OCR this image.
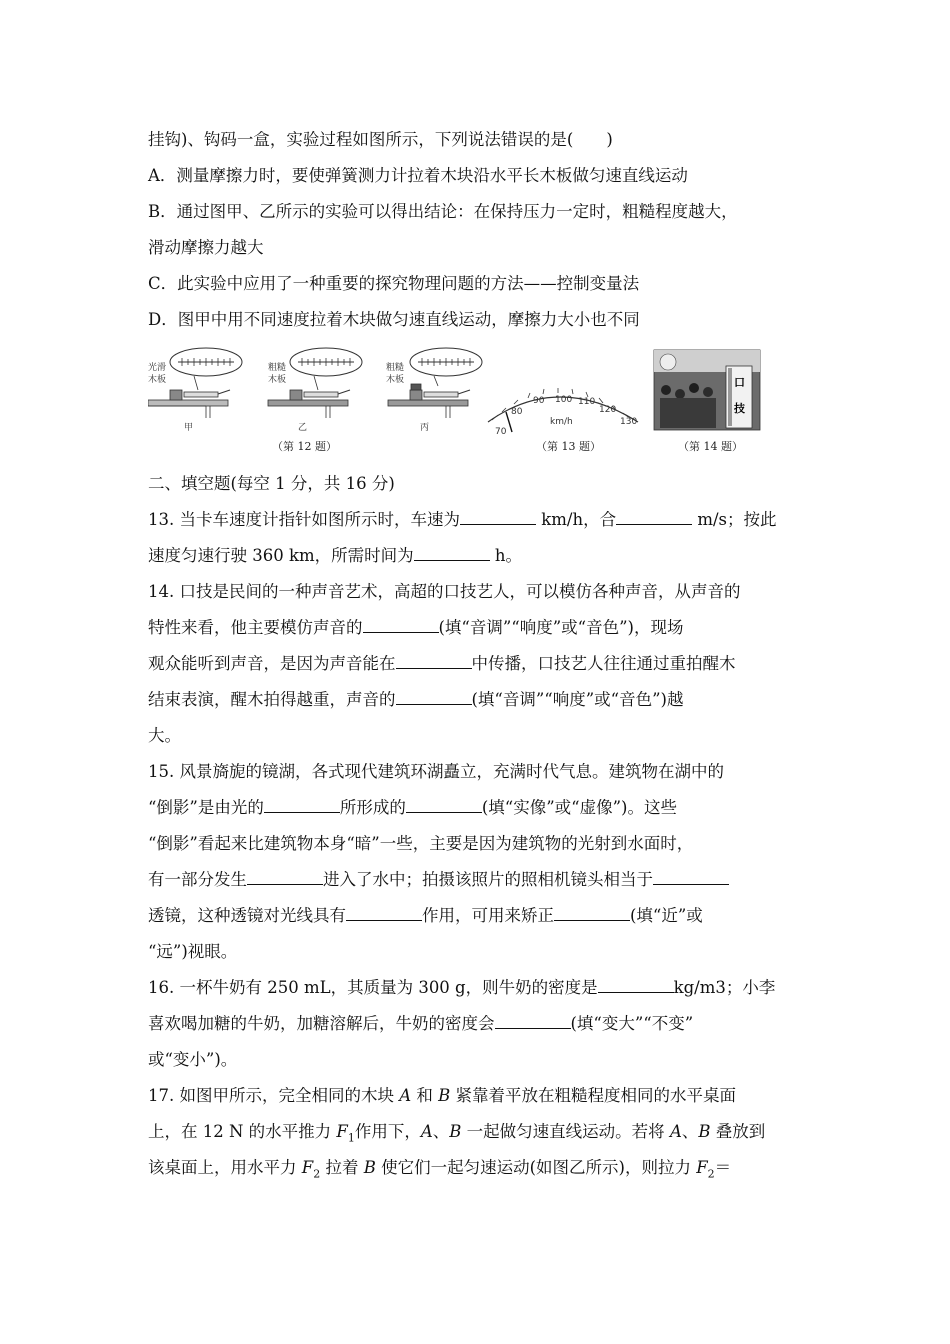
挂钩)、钩码一盒，实验过程如图所示，下列说法错误的是(　　)
A．测量摩擦力时，要使弹簧测力计拉着木块沿水平长木板做匀速直线运动
B．通过图甲、乙所示的实验可以得出结论：在保持压力一定时，粗糙程度越大，
滑动摩擦力越大
C．此实验中应用了一种重要的探究物理问题的方法——控制变量法
D．图甲中用不同速度拉着木块做匀速直线运动，摩擦力大小也不同
光滑
木板
甲
粗糙
木板
乙
粗糙
木板
丙	70
80
90 100 110
120
130
km/h
口
技
（第 12 题）	（第 13 题）	（第 14 题）
二、填空题(每空 1 分，共 16 分)
13. 当卡车速度计指针如图所示时，车速为	km/h，合	m/s；按此
速度匀速行驶 360 km，所需时间为	h。
14. 口技是民间的一种声音艺术，高超的口技艺人，可以模仿各种声音，从声音的
特性来看，他主要模仿声音的	(填“音调”“响度”或“音色”)，现场
观众能听到声音，是因为声音能在	中传播，口技艺人往往通过重拍醒木
结束表演，醒木拍得越重，声音的	(填“音调”“响度”或“音色”)越
大。
15. 风景旖旎的镜湖，各式现代建筑环湖矗立，充满时代气息。建筑物在湖中的
“倒影”是由光的	所形成的	(填“实像”或“虚像”)。这些
“倒影”看起来比建筑物本身“暗”一些，主要是因为建筑物的光射到水面时，
有一部分发生	进入了水中；拍摄该照片的照相机镜头相当于
透镜，这种透镜对光线具有	作用，可用来矫正	(填“近”或
“远”)视眼。
16. 一杯牛奶有 250 mL，其质量为 300 g，则牛奶的密度是	kg/m3；小李
喜欢喝加糖的牛奶，加糖溶解后，牛奶的密度会	(填“变大”“不变”
或“变小”)。
17. 如图甲所示，完全相同的木块 A 和 B 紧靠着平放在粗糙程度相同的水平桌面
上，在 12 N 的水平推力 $F_1$作用下，A、B 一起做匀速直线运动。若将 A、B 叠放到
该桌面上，用水平力 $F_2$ 拉着 B 使它们一起匀速运动(如图乙所示)，则拉力 $F_2=$
